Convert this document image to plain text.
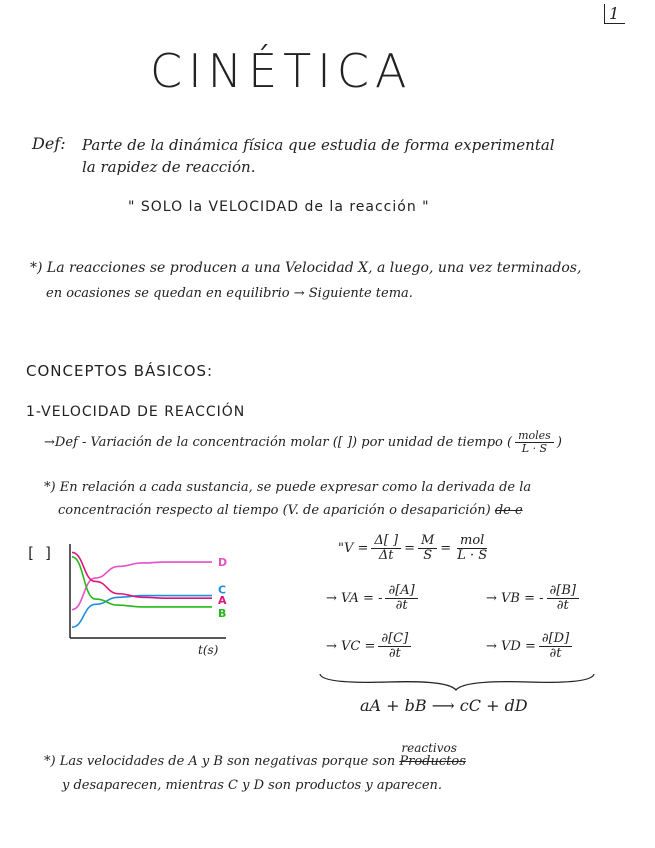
1
CINÉTICA
Def: Parte de la dinámica física que estudia de forma experimental
la rapidez de reacción.
" SOLO la VELOCIDAD de la reacción "
*) La reacciones se producen a una Velocidad X, a luego, una vez terminados,
en ocasiones se quedan en equilibrio → Siguiente tema.
CONCEPTOS BÁSICOS:
1-VELOCIDAD DE REACCIÓN
→Def - Variación de la concentración molar ([ ]) por unidad de tiempo ( $\frac{\text{moles}}{L \cdot S}$ )
*) En relación a cada sustancia, se puede expresar como la derivada de la
concentración respecto al tiempo (V. de aparición o desaparición) de e
[ ]
t(s)
D
C
A
B
"$V = \frac{\Delta[ ]}{\Delta t} = \frac{M}{S} = \frac{\text{mol}}{L \cdot S}$
→ VA = - $\frac{\partial[A]}{\partial t}$	→ VB = - $\frac{\partial[B]}{\partial t}$
→ VC = $\frac{\partial[C]}{\partial t}$	→ VD = $\frac{\partial[D]}{\partial t}$
aA + bB ⟶ cC + dD
*) Las velocidades de A y B son negativas porque son Productos
reactivos
y desaparecen, mientras C y D son productos y aparecen.
